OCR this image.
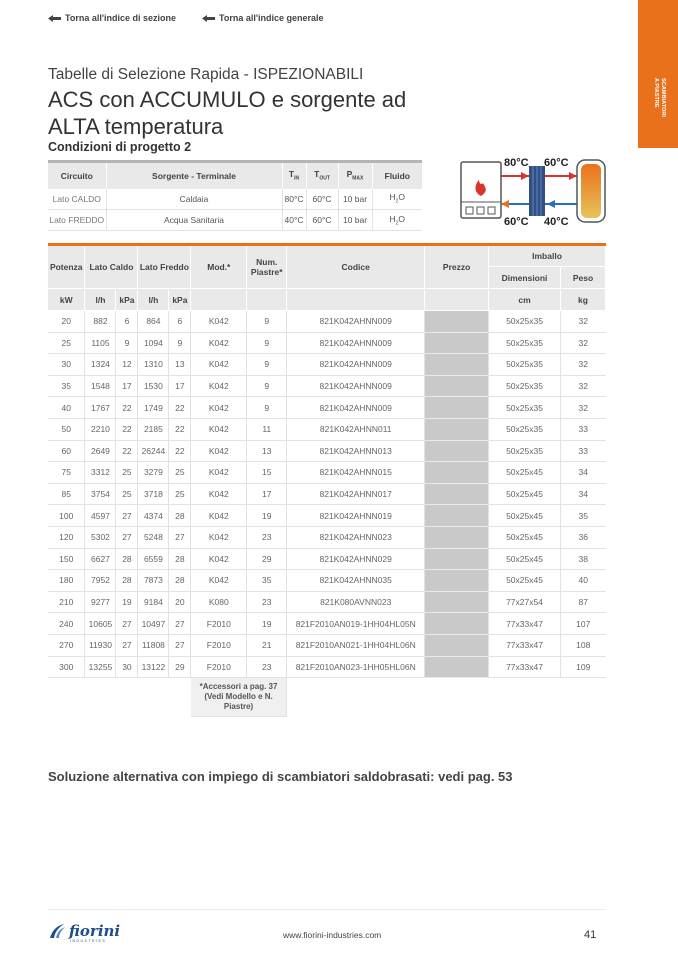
Torna all'indice di sezione	Torna all'indice generale
SCAMBIATORI
A PIASTRE
Tabelle di Selezione Rapida - ISPEZIONABILI
ACS con ACCUMULO e sorgente ad ALTA temperatura
Condizioni di progetto 2
Circuito	Sorgente - Terminale	$T_{IN}$	$T_{OUT}$	$P_{MAX}$	Fluido
Lato CALDO	Caldaia	80°C	60°C	10 bar	$H_2O$
Lato FREDDO	Acqua Sanitaria	40°C	60°C	10 bar	$H_2O$
80°C 60°C
60°C 40°C
Potenza	Lato Caldo		Lato Freddo		Mod.*	Num. Piastre*	Codice	Prezzo	Imballo	
									Dimensioni	Peso
kW	l/h	kPa	l/h	kPa					cm	kg
20	882	6	864	6	K042	9	821K042AHNN009		50x25x35	32
25	1105	9	1094	9	K042	9	821K042AHNN009		50x25x35	32
30	1324	12	1310	13	K042	9	821K042AHNN009		50x25x35	32
35	1548	17	1530	17	K042	9	821K042AHNN009		50x25x35	32
40	1767	22	1749	22	K042	9	821K042AHNN009		50x25x35	32
50	2210	22	2185	22	K042	11	821K042AHNN011		50x25x35	33
60	2649	22	26244	22	K042	13	821K042AHNN013		50x25x35	33
75	3312	25	3279	25	K042	15	821K042AHNN015		50x25x45	34
85	3754	25	3718	25	K042	17	821K042AHNN017		50x25x45	34
100	4597	27	4374	28	K042	19	821K042AHNN019		50x25x45	35
120	5302	27	5248	27	K042	23	821K042AHNN023		50x25x45	36
150	6627	28	6559	28	K042	29	821K042AHNN029		50x25x45	38
180	7952	28	7873	28	K042	35	821K042AHNN035		50x25x45	40
210	9277	19	9184	20	K080	23	821K080AVNN023		77x27x54	87
240	10605	27	10497	27	F2010	19	821F2010AN019-1HH04HL05N		77x33x47	107
270	11930	27	11808	27	F2010	21	821F2010AN021-1HH04HL06N		77x33x47	108
300	13255	30	13122	29	F2010	23	821F2010AN023-1HH05HL06N		77x33x47	109
					*Accessori a pag. 37 (Vedi Modello e N. Piastre)					
Soluzione alternativa con impiego di scambiatori saldobrasati: vedi pag. 53
fiorini
INDUSTRIES
www.fiorini-industries.com	41
